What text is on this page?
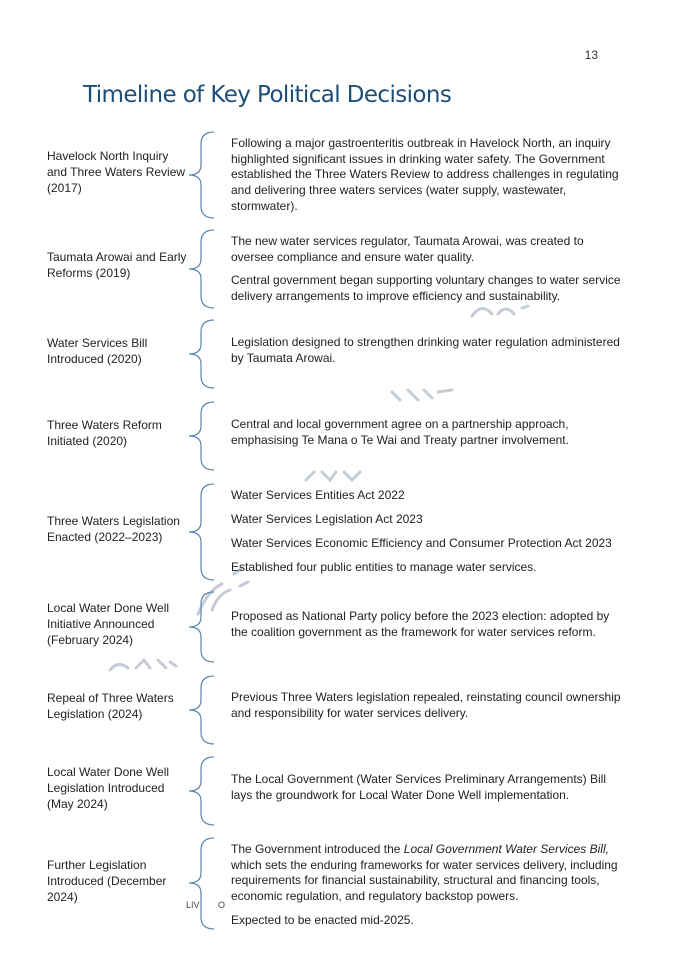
13
Timeline of Key Political Decisions
Havelock North Inquiry and Three Waters Review (2017)

Following a major gastroenteritis outbreak in Havelock North, an inquiry highlighted significant issues in drinking water safety. The Government established the Three Waters Review to address challenges in regulating and delivering three waters services (water supply, wastewater, stormwater).

Taumata Arowai and Early Reforms (2019)

The new water services regulator, Taumata Arowai, was created to oversee compliance and ensure water quality.

Central government began supporting voluntary changes to water service delivery arrangements to improve efficiency and sustainability.

Water Services Bill Introduced (2020)

Legislation designed to strengthen drinking water regulation administered by Taumata Arowai.

Three Waters Reform Initiated (2020)

Central and local government agree on a partnership approach, emphasising Te Mana o Te Wai and Treaty partner involvement.

Three Waters Legislation Enacted (2022–2023)
Water Services Entities Act 2022
Water Services Legislation Act 2023
Water Services Economic Efficiency and Consumer Protection Act 2023
Established four public entities to manage water services.
Local Water Done Well Initiative Announced (February 2024)

Proposed as National Party policy before the 2023 election: adopted by the coalition government as the framework for water services reform.

Repeal of Three Waters Legislation (2024)

Previous Three Waters legislation repealed, reinstating council ownership and responsibility for water services delivery.

Local Water Done Well Legislation Introduced (May 2024)

The Local Government (Water Services Preliminary Arrangements) Bill lays the groundwork for Local Water Done Well implementation.

Further Legislation Introduced (December 2024)

The Government introduced the Local Government Water Services Bill, which sets the enduring frameworks for water services delivery, including requirements for financial sustainability, structural and financing tools, economic regulation, and regulatory backstop powers.

Expected to be enacted mid-2025.

LIV O
